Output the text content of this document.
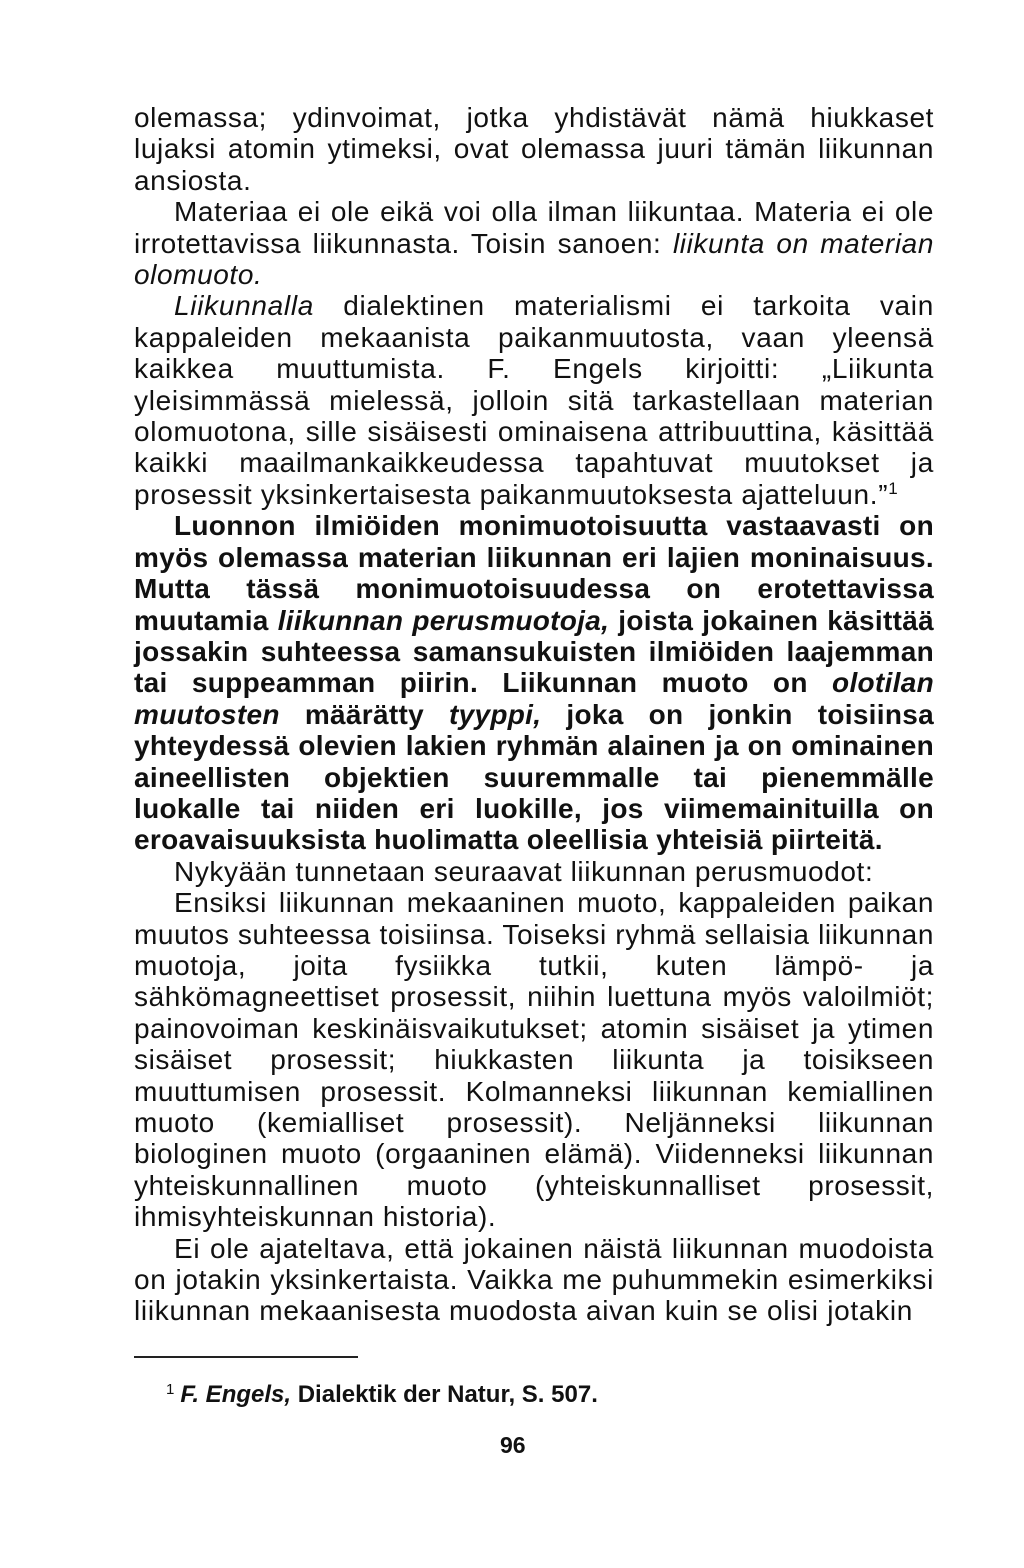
olemassa; ydinvoimat, jotka yhdistävät nämä hiukkaset lujaksi atomin ytimeksi, ovat olemassa juuri tämän liikunnan ansiosta.

Materiaa ei ole eikä voi olla ilman liikuntaa. Materia ei ole irrotettavissa liikunnasta. Toisin sanoen: liikunta on materian olomuoto.

Liikunnalla dialektinen materialismi ei tarkoita vain kappaleiden mekaanista paikanmuutosta, vaan yleensä kaikkea muuttumista. F. Engels kirjoitti: „Liikunta yleisimmässä mielessä, jolloin sitä tarkastellaan materian olomuotona, sille sisäisesti ominaisena attribuuttina, käsittää kaikki maailmankaikkeudessa tapahtuvat muutokset ja prosessit yksinkertaisesta paikanmuutoksesta ajatteluun.”$^1$

Luonnon ilmiöiden monimuotoisuutta vastaavasti on myös olemassa materian liikunnan eri lajien moninaisuus. Mutta tässä monimuotoisuudessa on erotettavissa muutamia liikunnan perusmuotoja, joista jokainen käsittää jossakin suhteessa samansukuisten ilmiöiden laajemman tai suppeamman piirin. Liikunnan muoto on olotilan muutosten määrätty tyyppi, joka on jonkin toisiinsa yhteydessä olevien lakien ryhmän alainen ja on ominainen aineellisten objektien suuremmalle tai pienemmälle luokalle tai niiden eri luokille, jos viimemainituilla on eroavaisuuksista huolimatta oleellisia yhteisiä piirteitä.

Nykyään tunnetaan seuraavat liikunnan perusmuodot:

Ensiksi liikunnan mekaaninen muoto, kappaleiden paikan muutos suhteessa toisiinsa. Toiseksi ryhmä sellaisia liikunnan muotoja, joita fysiikka tutkii, kuten lämpö- ja sähkömagneettiset prosessit, niihin luettuna myös valoilmiöt; painovoiman keskinäisvaikutukset; atomin sisäiset ja ytimen sisäiset prosessit; hiukkasten liikunta ja toisikseen muuttumisen prosessit. Kolmanneksi liikunnan kemiallinen muoto (kemialliset prosessit). Neljänneksi liikunnan biologinen muoto (orgaaninen elämä). Viidenneksi liikunnan yhteiskunnallinen muoto (yhteiskunnalliset prosessit, ihmisyhteiskunnan historia).

Ei ole ajateltava, että jokainen näistä liikunnan muodoista on jotakin yksinkertaista. Vaikka me puhummekin esimerkiksi liikunnan mekaanisesta muodosta aivan kuin se olisi jotakin

$^1$ F. Engels, Dialektik der Natur, S. 507.
96
